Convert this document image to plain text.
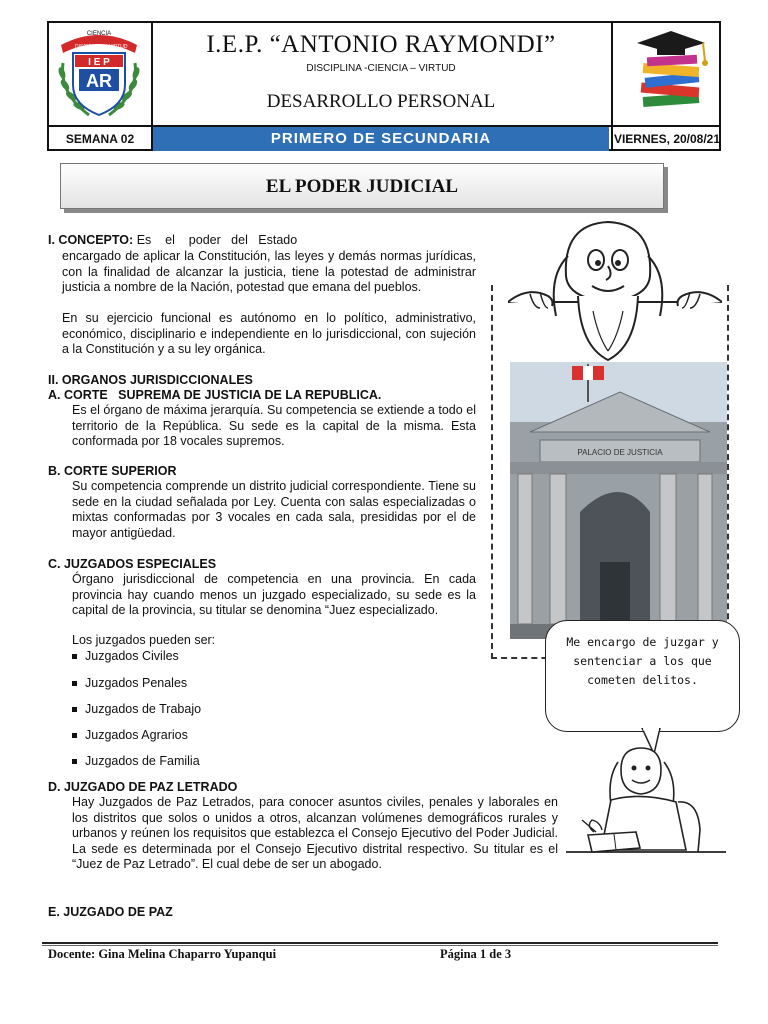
CIENCIA
DISCIPLINA VIRTUD
I E P
AR
I.E.P. “ANTONIO RAYMONDI”
DISCIPLINA -CIENCIA – VIRTUD
DESARROLLO PERSONAL
SEMANA 02	PRIMERO DE SECUNDARIA	VIERNES, 20/08/21
EL PODER JUDICIAL
I. CONCEPTO: Es    el    poder   del   Estado
encargado de aplicar la Constitución, las leyes y demás normas jurídicas, con la finalidad de alcanzar la justicia, tiene la potestad de administrar justicia a nombre de la Nación, potestad que emana del pueblos.
En su ejercicio funcional es autónomo en lo político, administrativo, económico, disciplinario e independiente en lo jurisdiccional, con sujeción a la Constitución y a su ley orgánica.
II. ORGANOS JURISDICCIONALES
A. CORTE   SUPREMA DE JUSTICIA DE LA REPUBLICA.
Es el órgano de máxima jerarquía. Su competencia se extiende a todo el territorio de la República. Su sede es la capital de la misma. Esta conformada por 18 vocales supremos.
B. CORTE SUPERIOR
Su competencia comprende un distrito judicial correspondiente. Tiene su sede en la ciudad señalada por Ley. Cuenta con salas especializadas o mixtas conformadas por 3 vocales en cada sala, presididas por el de mayor antigüedad.
C. JUZGADOS ESPECIALES
Órgano jurisdiccional de competencia en una provincia. En cada provincia hay cuando menos un juzgado especializado, su sede es la capital de la provincia, su titular se denomina “Juez especializado.
Los juzgados pueden ser:
Juzgados Civiles
Juzgados Penales
Juzgados de Trabajo
Juzgados Agrarios
Juzgados de Familia
D. JUZGADO DE PAZ LETRADO
Hay Juzgados de Paz Letrados, para conocer asuntos civiles, penales y laborales en los distritos que solos o unidos a otros, alcanzan volúmenes demográficos rurales y urbanos y reúnen los requisitos que establezca el Consejo Ejecutivo del Poder Judicial. La sede es determinada por el Consejo Ejecutivo distrital respectivo. Su titular es el “Juez de Paz Letrado”. El cual debe de ser un abogado.
E. JUZGADO DE PAZ
PALACIO DE JUSTICIA

Me encargo de juzgar y sentenciar a los que cometen delitos.

Docente: Gina Melina Chaparro Yupanqui	Página 1 de 3
